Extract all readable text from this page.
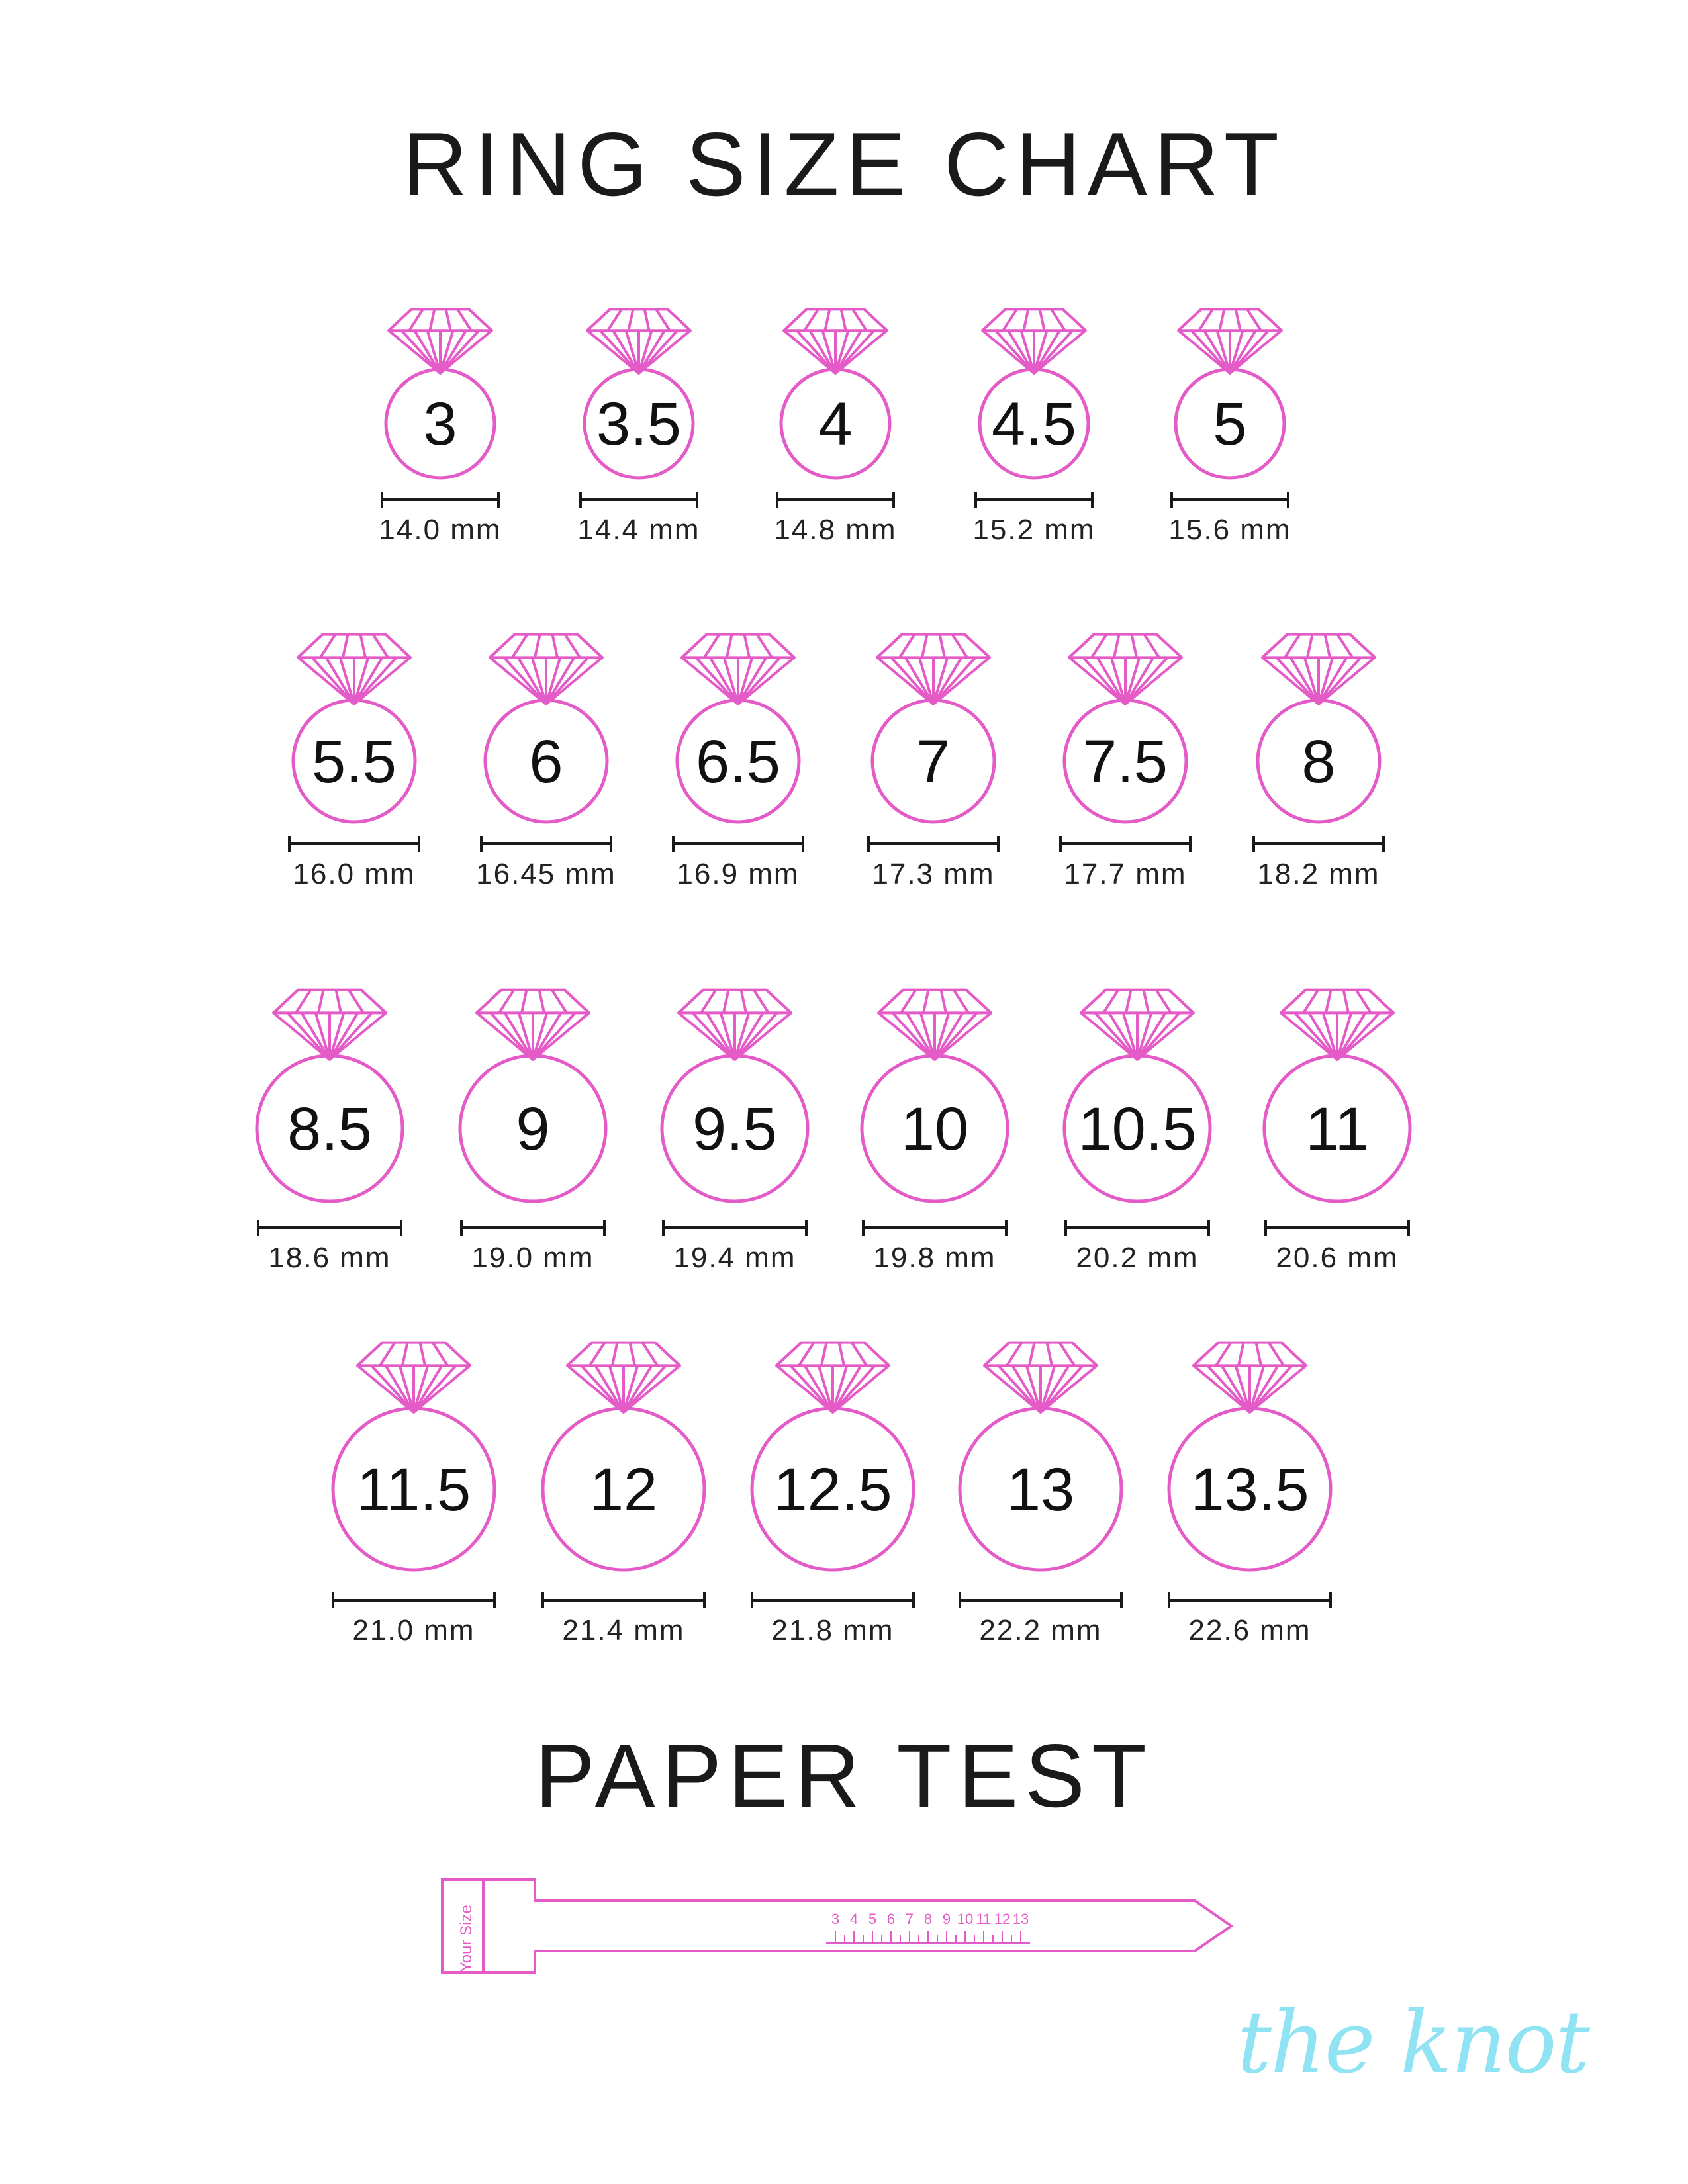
RING SIZE CHART
3
14.0 mm
3.5
14.4 mm
4
14.8 mm
4.5
15.2 mm
5
15.6 mm
5.5
16.0 mm
6
16.45 mm
6.5
16.9 mm
7
17.3 mm
7.5
17.7 mm
8
18.2 mm
8.5
18.6 mm
9
19.0 mm
9.5
19.4 mm
10
19.8 mm
10.5
20.2 mm
11
20.6 mm
11.5
21.0 mm
12
21.4 mm
12.5
21.8 mm
13
22.2 mm
13.5
22.6 mm
PAPER TEST
Your Size	3 4 5 6 7 8 9 10 11 12 13
the knot
